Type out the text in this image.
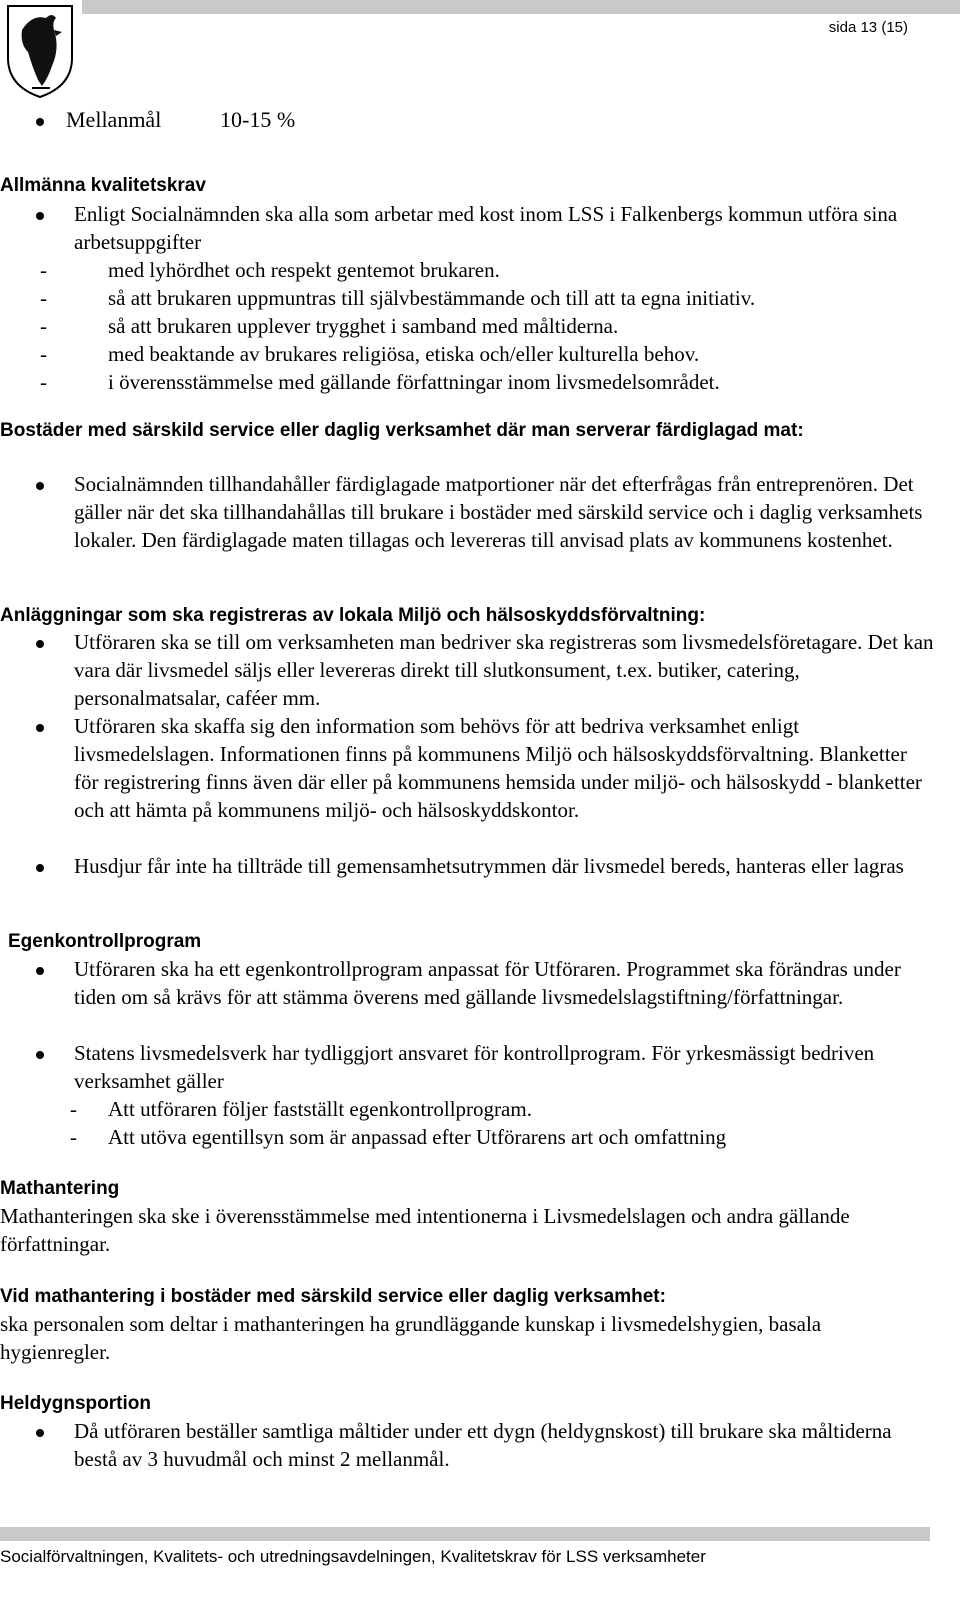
sida 13 (15)
Mellanmål	10-15 %
Allmänna kvalitetskrav
Enligt Socialnämnden ska alla som arbetar med kost inom LSS i Falkenbergs kommun utföra sina arbetsuppgifter
-	med lyhördhet och respekt gentemot brukaren.
-	så att brukaren uppmuntras till självbestämmande och till att ta egna initiativ.
-	så att brukaren upplever trygghet i samband med måltiderna.
-	med beaktande av brukares religiösa, etiska och/eller kulturella behov.
-	i överensstämmelse med gällande författningar inom livsmedelsområdet.
Bostäder med särskild service eller daglig verksamhet där man serverar färdiglagad mat:
Socialnämnden tillhandahåller färdiglagade matportioner när det efterfrågas från entreprenören. Det gäller när det ska tillhandahållas till brukare i bostäder med särskild service och i daglig verksamhets lokaler. Den färdiglagade maten tillagas och levereras till anvisad plats av kommunens kostenhet.
Anläggningar som ska registreras av lokala Miljö och hälsoskyddsförvaltning:
Utföraren ska se till om verksamheten man bedriver ska registreras som livsmedelsföretagare. Det kan vara där livsmedel säljs eller levereras direkt till slutkonsument, t.ex. butiker, catering, personalmatsalar, caféer mm.
Utföraren ska skaffa sig den information som behövs för att bedriva verksamhet enligt livsmedelslagen. Informationen finns på kommunens Miljö och hälsoskyddsförvaltning. Blanketter för registrering finns även där eller på kommunens hemsida under miljö- och hälsoskydd - blanketter och att hämta på kommunens miljö- och hälsoskyddskontor.
Husdjur får inte ha tillträde till gemensamhetsutrymmen där livsmedel bereds, hanteras eller lagras
Egenkontrollprogram
Utföraren ska ha ett egenkontrollprogram anpassat för Utföraren. Programmet ska förändras under tiden om så krävs för att stämma överens med gällande livsmedelslagstiftning/författningar.
Statens livsmedelsverk har tydliggjort ansvaret för kontrollprogram. För yrkesmässigt bedriven verksamhet gäller
- Att utföraren följer fastställt egenkontrollprogram.
- Att utöva egentillsyn som är anpassad efter Utförarens art och omfattning
Mathantering
Mathanteringen ska ske i överensstämmelse med intentionerna i Livsmedelslagen och andra gällande författningar.
Vid mathantering i bostäder med särskild service eller daglig verksamhet:
ska personalen som deltar i mathanteringen ha grundläggande kunskap i livsmedelshygien, basala hygienregler.
Heldygnsportion
Då utföraren beställer samtliga måltider under ett dygn (heldygnskost) till brukare ska måltiderna bestå av 3 huvudmål och minst 2 mellanmål.
Socialförvaltningen, Kvalitets- och utredningsavdelningen, Kvalitetskrav för LSS verksamheter
